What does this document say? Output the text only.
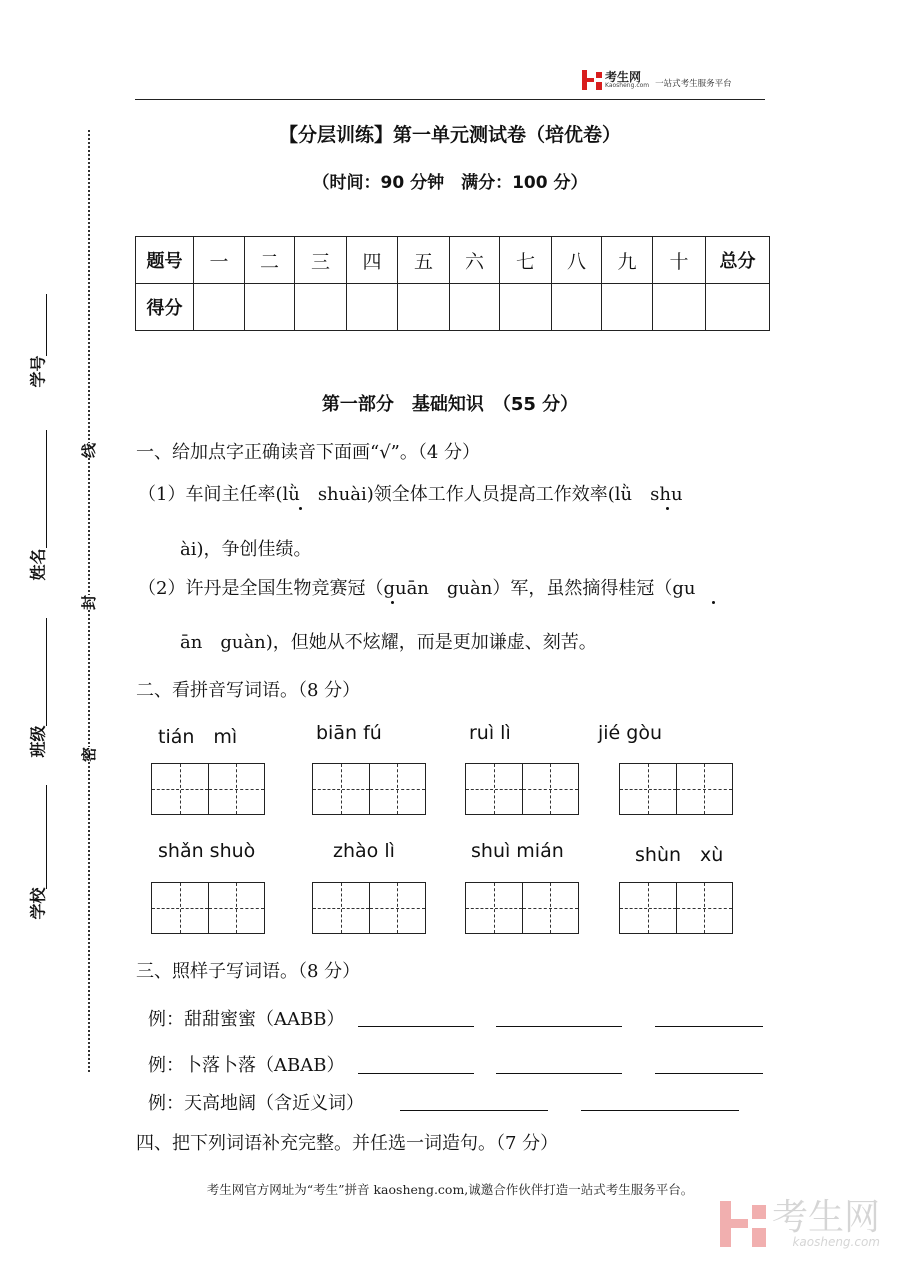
考生网
Kaosheng.com 一站式考生服务平台
【分层训练】第一单元测试卷（培优卷）
（时间：90 分钟　满分：100 分）
题号	一	二	三	四	五	六	七	八	九	十	总分
得分											
第一部分　基础知识　（55 分）
一、给加点字正确读音下面画“√”。（4 分）
（1）车间主任率(lǜ　shuài)领全体工作人员提高工作效率(lǜ　shu
ài)，争创佳绩。
（2）许丹是全国生物竞赛冠（guān　guàn）军，虽然摘得桂冠（gu
ān　guàn)，但她从不炫耀，而是更加谦虚、刻苦。
二、看拼音写词语。（8 分）
tián　mì	biān fú	ruì lì	jié gòu
shǎn shuò	zhào lì	shuì mián	shùn　xù
三、照样子写词语。（8 分）
例：甜甜蜜蜜（AABB）
例：卜落卜落（ABAB）
例：天高地阔（含近义词）
四、把下列词语补充完整。并任选一词造句。（7 分）
线
封
密
学号
姓名
班级
学校
考生网官方网址为“考生”拼音 kaosheng.com,诚邀合作伙伴打造一站式考生服务平台。
考生网
kaosheng.com
